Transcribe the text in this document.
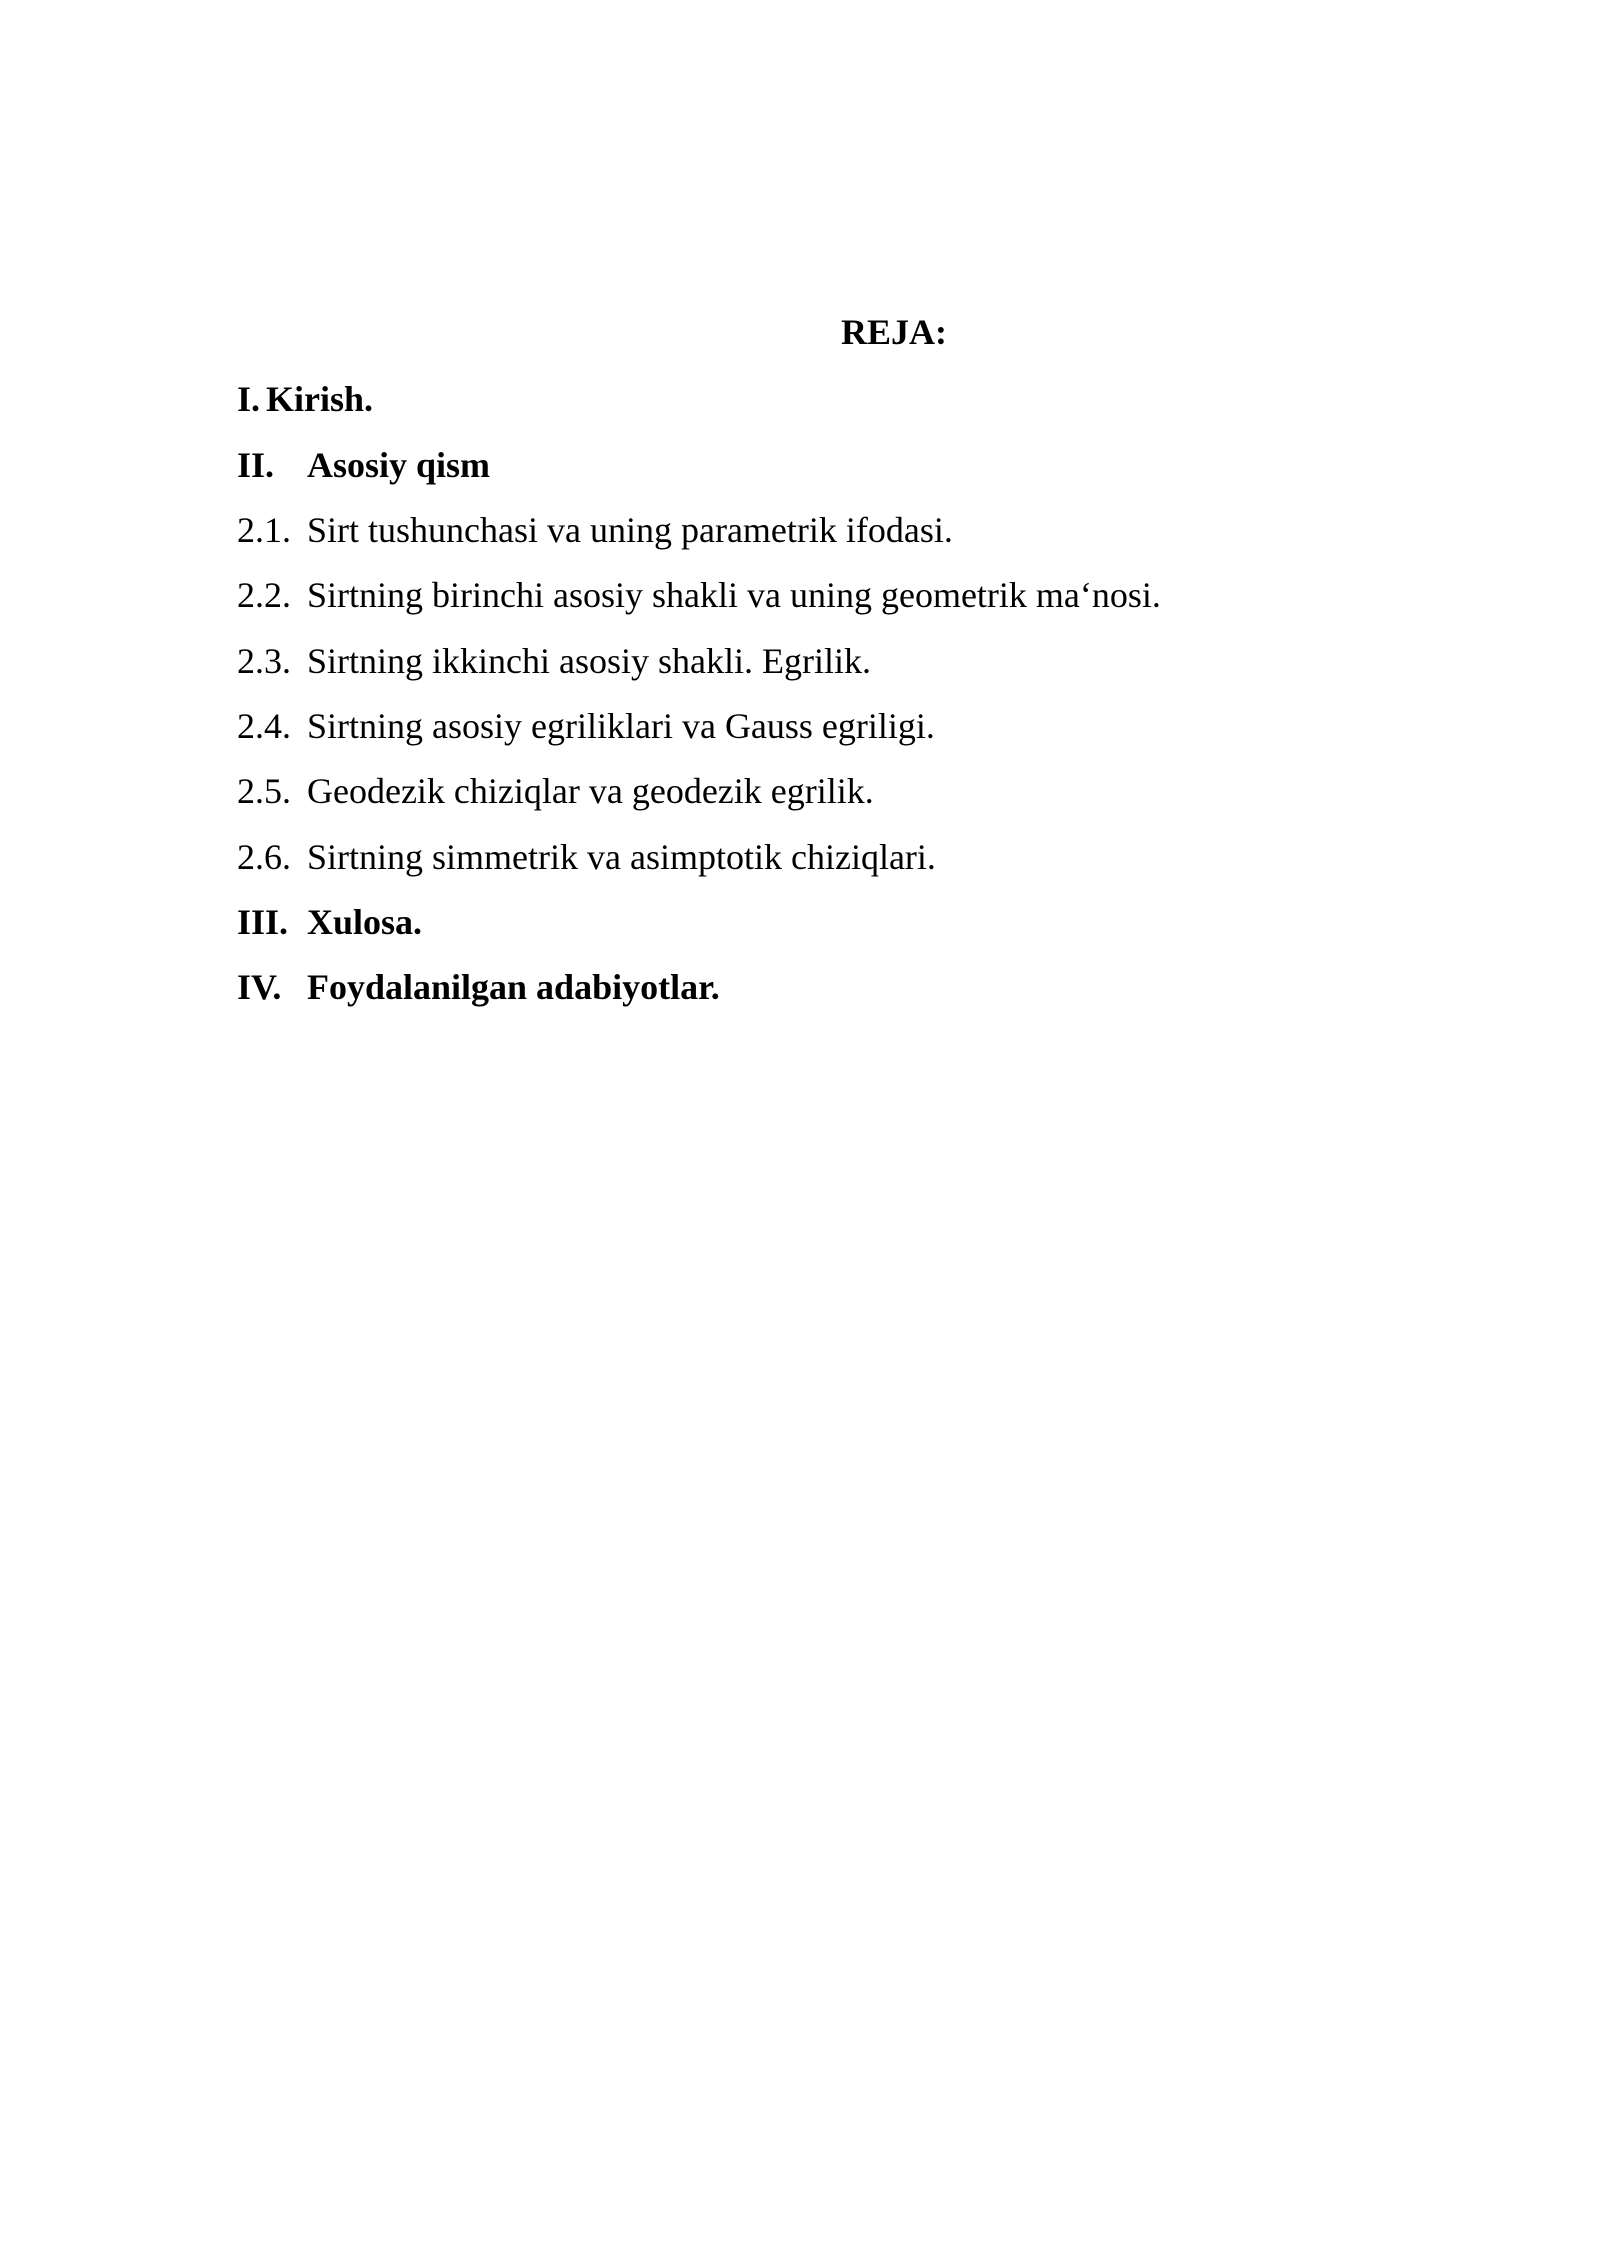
REJA:
I. Kirish.
II. Asosiy qism
2.1. Sirt tushunchasi va uning parametrik ifodasi.
2.2. Sirtning birinchi asosiy shakli va uning geometrik ma‘nosi.
2.3. Sirtning ikkinchi asosiy shakli. Egrilik.
2.4. Sirtning asosiy egriliklari va Gauss egriligi.
2.5. Geodezik chiziqlar va geodezik egrilik.
2.6. Sirtning simmetrik va asimptotik chiziqlari.
III. Xulosa.
IV. Foydalanilgan adabiyotlar.
